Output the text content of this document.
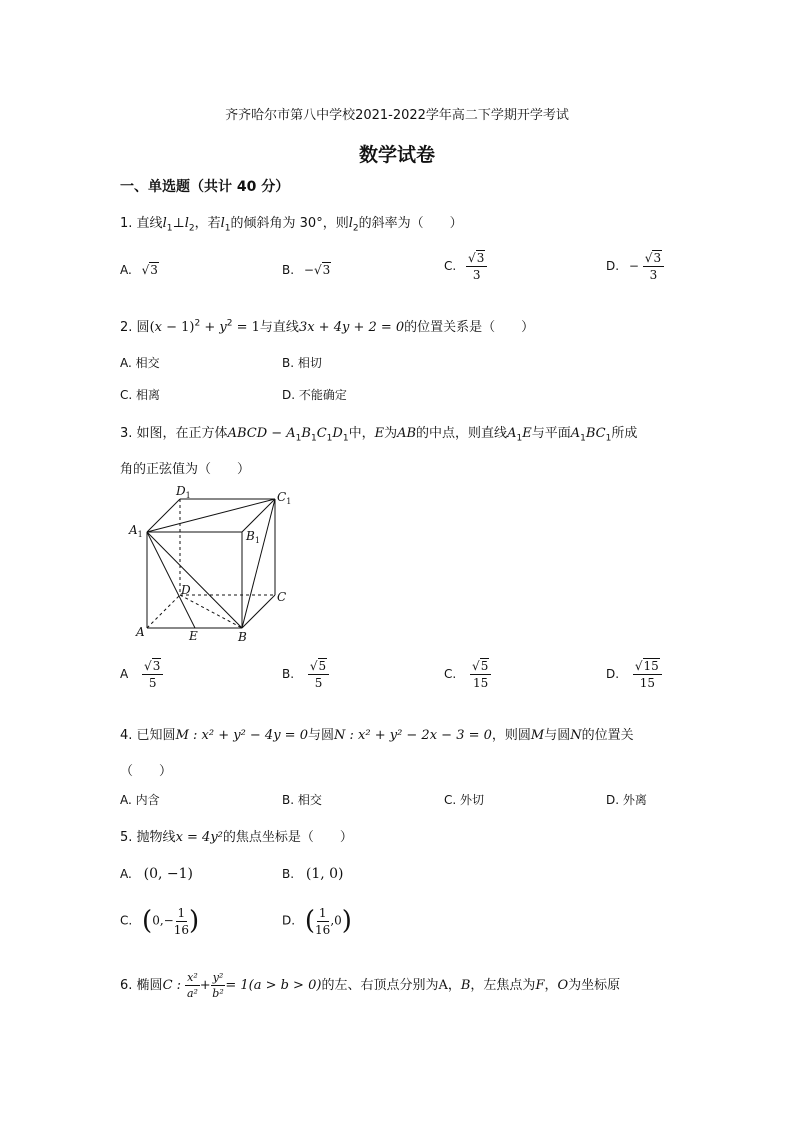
齐齐哈尔市第八中学校2021-2022学年高二下学期开学考试
数学试卷
一、单选题（共计 40 分）
1. 直线$l_1\perp l_2$，若$l_1$的倾斜角为 30°，则$l_2$的斜率为（　　）
A. √3	B. −√3	C. $\frac{√3}{3}$	D. − $\frac{√3}{3}$
2. 圆$(x - 1)^2 + y^2 = 1$与直线3x + 4y + 2 = 0的位置关系是（　　）
A. 相交	B. 相切
C. 相离	D. 不能确定
3. 如图，在正方体ABCD − $A_1B_1C_1D_1$中，E为AB的中点，则直线$A_1E$与平面$A_1BC_1$所成
角的正弦值为（　　）
$D_1$	$C_1$
$A_1$	$B_1$
D	C
A	E	B
A $\frac{√3}{5}$	B. $\frac{√5}{5}$	C. $\frac{√5}{15}$	D. $\frac{√15}{15}$
4. 已知圆M : x² + y² − 4y = 0与圆N : x² + y² − 2x − 3 = 0，则圆M与圆N的位置关
（　　）
A. 内含	B. 相交	C. 外切	D. 外离
5. 抛物线x = 4y²的焦点坐标是（　　）
A. (0, −1)	B. (1, 0)
C. ($0,- \frac{1}{16}$ )	D. ( $\frac{1}{16} ,0$)
6. 椭圆C : $\frac{\text{x²}}{\text{a²}} + \frac{\text{y²}}{\text{b²}} = 1(a > b > 0)$的左、右顶点分别为A，B，左焦点为F，O为坐标原
